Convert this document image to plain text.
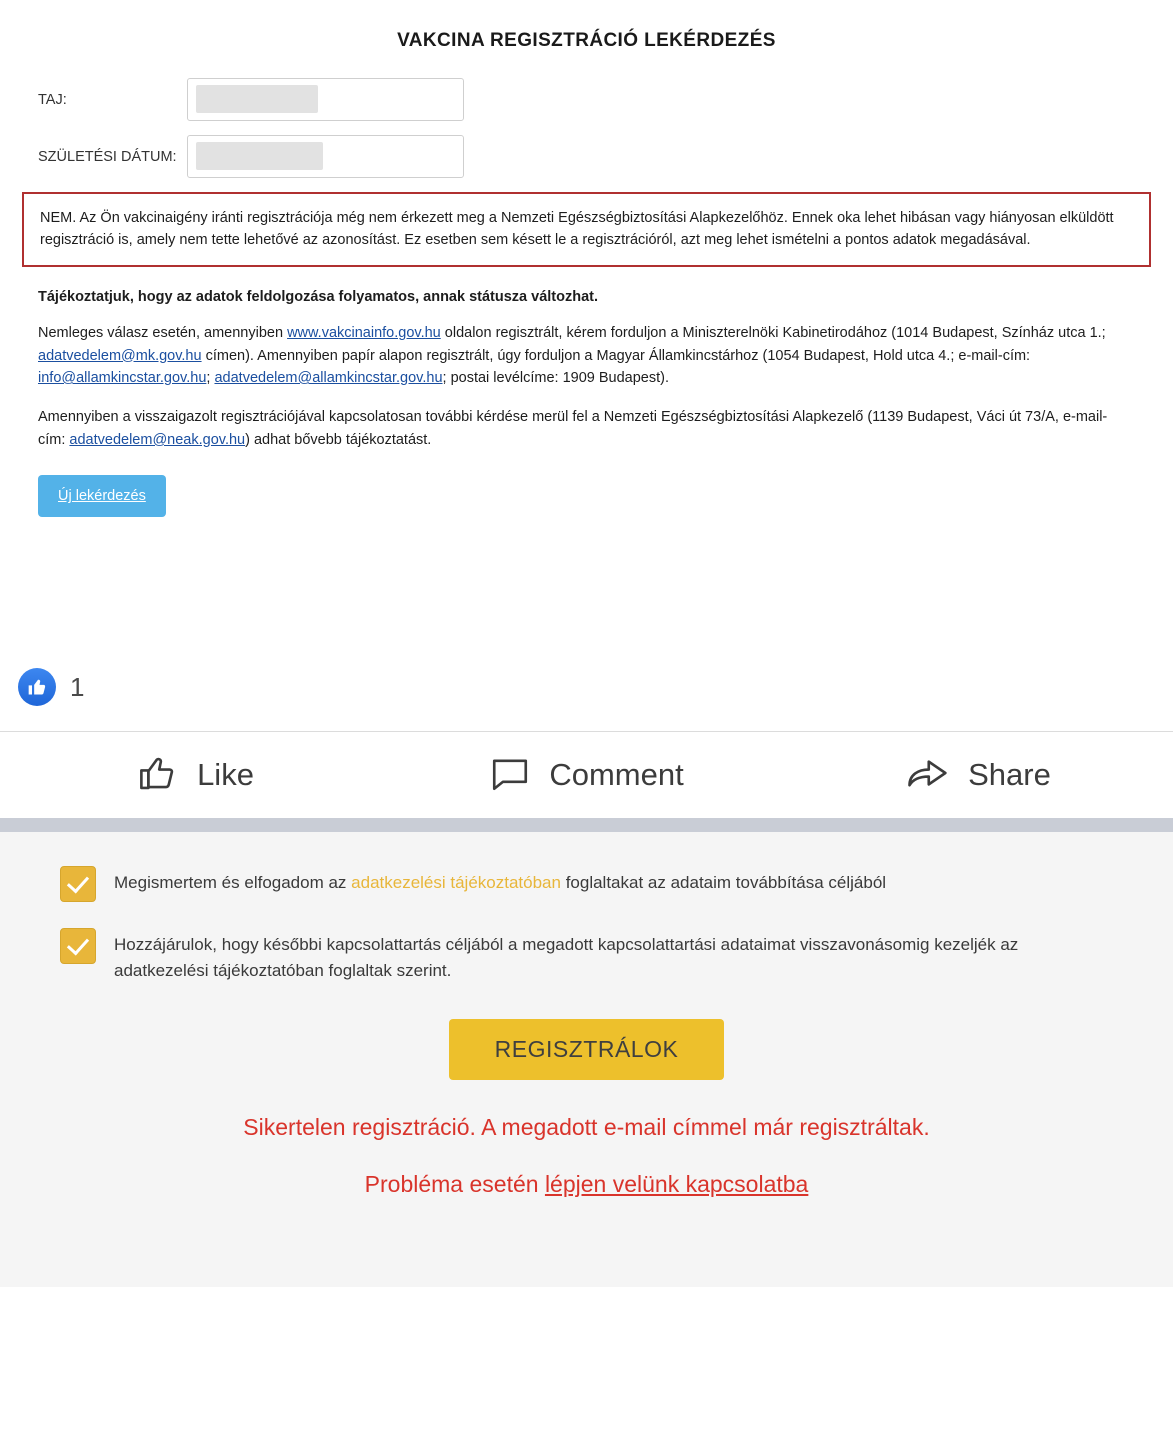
VAKCINA REGISZTRÁCIÓ LEKÉRDEZÉS
TAJ:
SZÜLETÉSI DÁTUM:
NEM. Az Ön vakcinaigény iránti regisztrációja még nem érkezett meg a Nemzeti Egészségbiztosítási Alapkezelőhöz. Ennek oka lehet hibásan vagy hiányosan elküldött regisztráció is, amely nem tette lehetővé az azonosítást. Ez esetben sem késett le a regisztrációról, azt meg lehet ismételni a pontos adatok megadásával.
Tájékoztatjuk, hogy az adatok feldolgozása folyamatos, annak státusza változhat.
Nemleges válasz esetén, amennyiben www.vakcinainfo.gov.hu oldalon regisztrált, kérem forduljon a Miniszterelnöki Kabinetirodához (1014 Budapest, Színház utca 1.; adatvedelem@mk.gov.hu címen). Amennyiben papír alapon regisztrált, úgy forduljon a Magyar Államkincstárhoz (1054 Budapest, Hold utca 4.; e-mail-cím: info@allamkincstar.gov.hu; adatvedelem@allamkincstar.gov.hu; postai levélcíme: 1909 Budapest).
Amennyiben a visszaigazolt regisztrációjával kapcsolatosan további kérdése merül fel a Nemzeti Egészségbiztosítási Alapkezelő (1139 Budapest, Váci út 73/A, e-mail-cím: adatvedelem@neak.gov.hu) adhat bővebb tájékoztatást.
Új lekérdezés
1
Like	Comment	Share
Megismertem és elfogadom az adatkezelési tájékoztatóban foglaltakat az adataim továbbítása céljából
Hozzájárulok, hogy későbbi kapcsolattartás céljából a megadott kapcsolattartási adataimat visszavonásomig kezeljék az adatkezelési tájékoztatóban foglaltak szerint.
REGISZTRÁLOK
Sikertelen regisztráció. A megadott e-mail címmel már regisztráltak.
Probléma esetén lépjen velünk kapcsolatba
